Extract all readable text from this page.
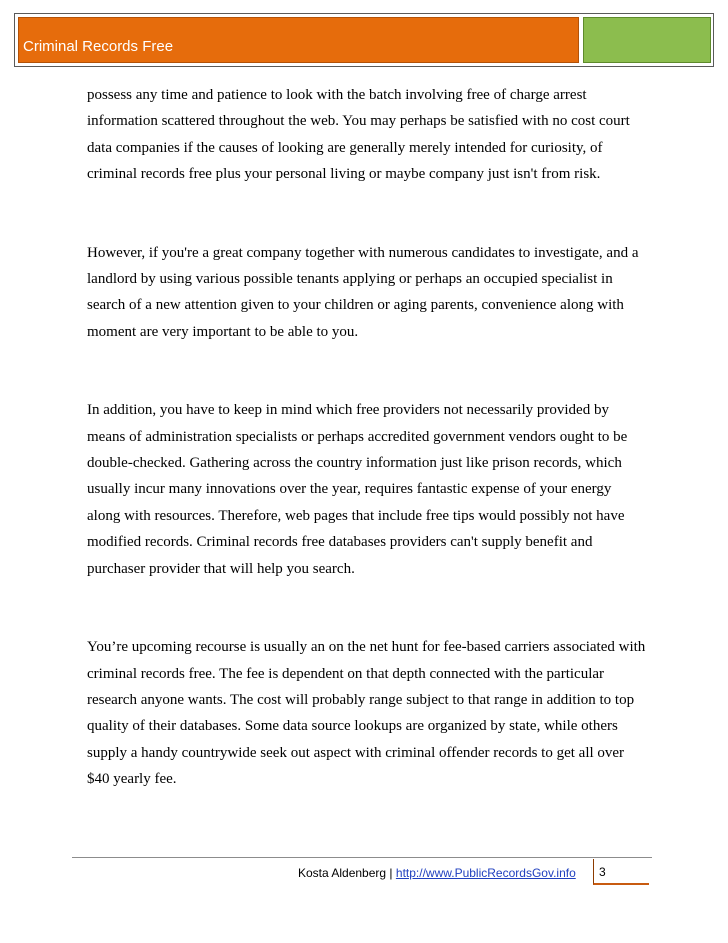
Criminal Records Free

possess any time and patience to look with the batch involving free of charge arrest information scattered throughout the web. You may perhaps be satisfied with no cost court data companies if the causes of looking are generally merely intended for curiosity, of criminal records free plus your personal living or maybe company just isn't from risk.

However, if you're a great company together with numerous candidates to investigate, and a landlord by using various possible tenants applying or perhaps an occupied specialist in search of a new attention given to your children or aging parents, convenience along with moment are very important to be able to you.

In addition, you have to keep in mind which free providers not necessarily provided by means of administration specialists or perhaps accredited government vendors ought to be double-checked. Gathering across the country information just like prison records, which usually incur many innovations over the year, requires fantastic expense of your energy along with resources. Therefore, web pages that include free tips would possibly not have modified records. Criminal records free databases providers can't supply benefit and purchaser provider that will help you search.

You’re upcoming recourse is usually an on the net hunt for fee-based carriers associated with criminal records free. The fee is dependent on that depth connected with the particular research anyone wants. The cost will probably range subject to that range in addition to top quality of their databases. Some data source lookups are organized by state, while others supply a handy countrywide seek out aspect with criminal offender records to get all over $40 yearly fee.

Kosta Aldenberg | http://www.PublicRecordsGov.info	3
